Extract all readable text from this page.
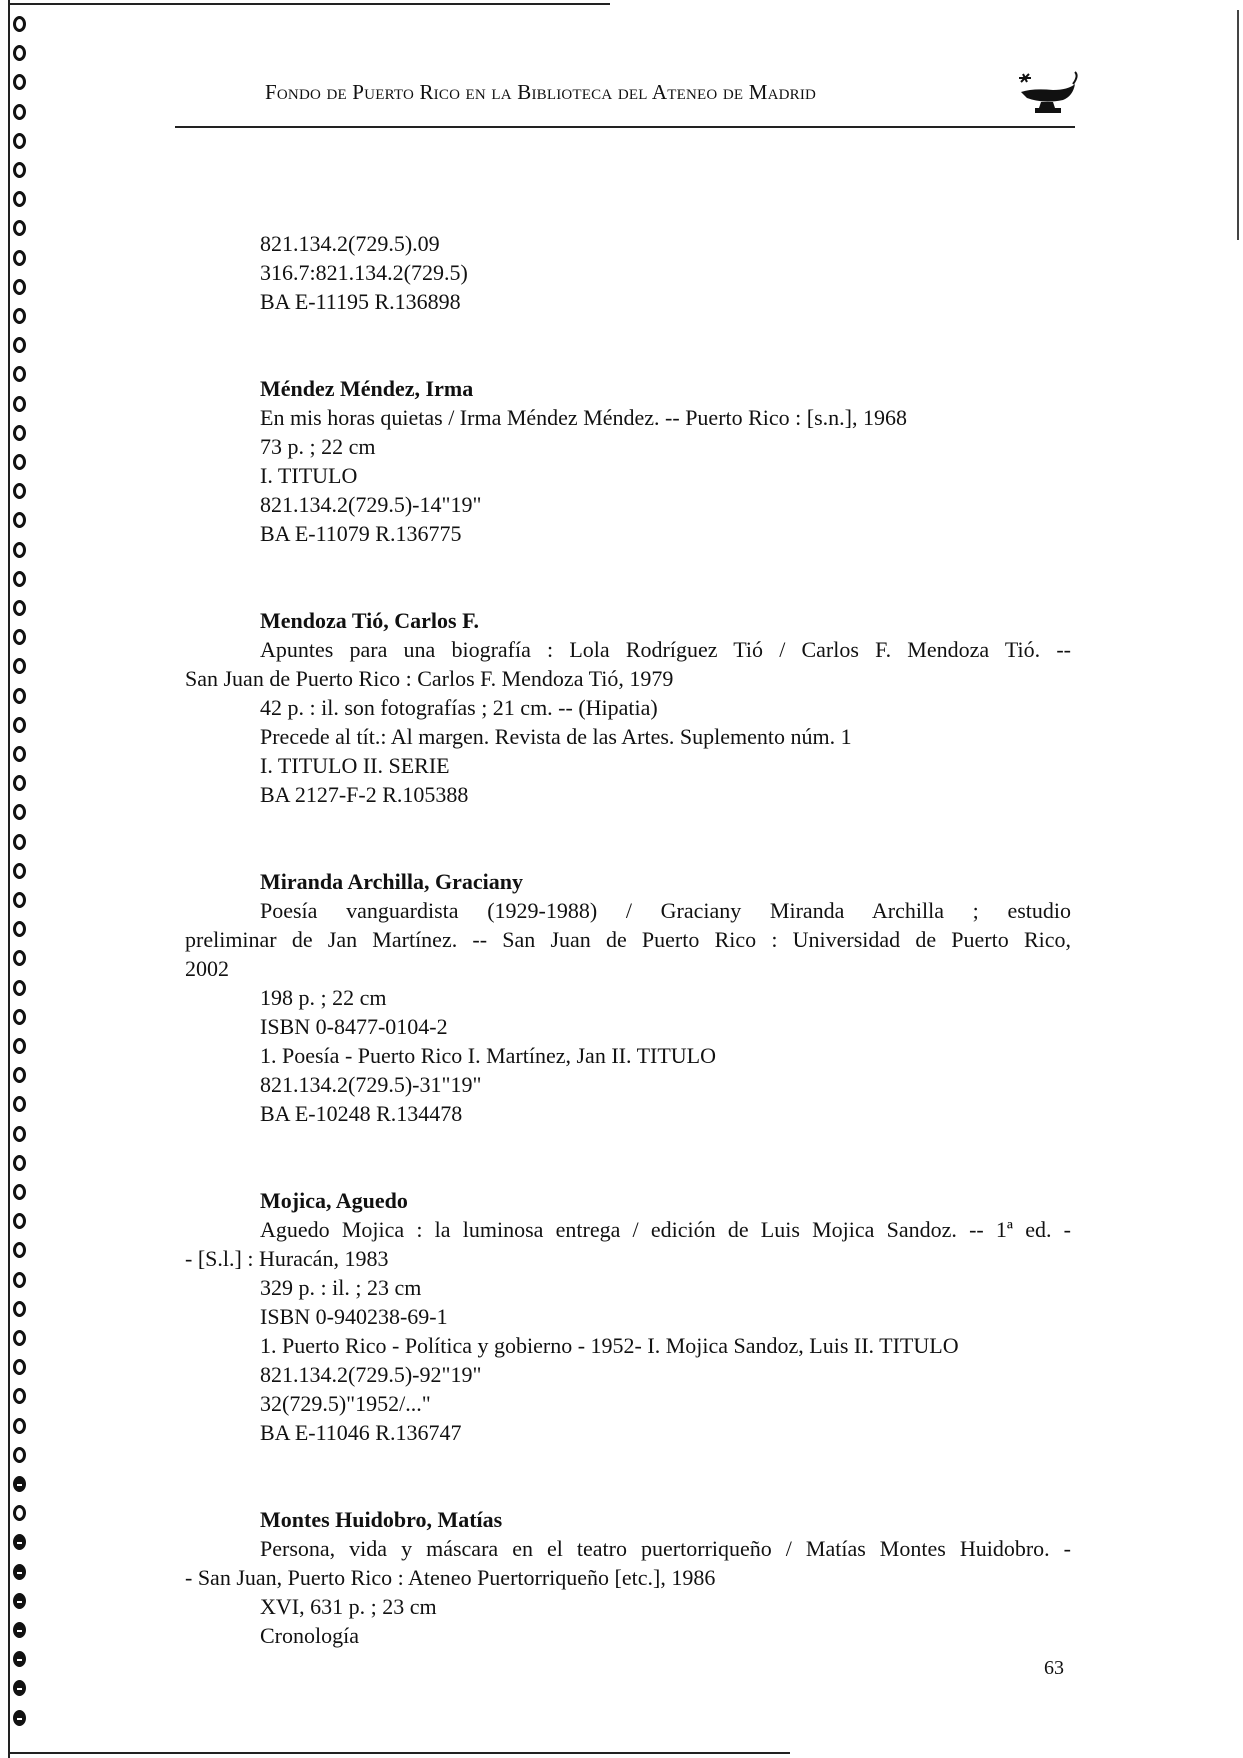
Fondo de Puerto Rico en la Biblioteca del Ateneo de Madrid
821.134.2(729.5).09
316.7:821.134.2(729.5)
BA E-11195 R.136898
Méndez Méndez, Irma
En mis horas quietas / Irma Méndez Méndez. -- Puerto Rico : [s.n.], 1968
73 p. ; 22 cm
I. TITULO
821.134.2(729.5)-14"19"
BA E-11079 R.136775
Mendoza Tió, Carlos F.
Apuntes para una biografía : Lola Rodríguez Tió / Carlos F. Mendoza Tió. --
San Juan de Puerto Rico : Carlos F. Mendoza Tió, 1979
42 p. : il. son fotografías ; 21 cm. -- (Hipatia)
Precede al tít.: Al margen. Revista de las Artes. Suplemento núm. 1
I. TITULO II. SERIE
BA 2127-F-2 R.105388
Miranda Archilla, Graciany
Poesía vanguardista (1929-1988) / Graciany Miranda Archilla ; estudio
preliminar de Jan Martínez. -- San Juan de Puerto Rico : Universidad de Puerto Rico,
2002
198 p. ; 22 cm
ISBN 0-8477-0104-2
1. Poesía - Puerto Rico I. Martínez, Jan II. TITULO
821.134.2(729.5)-31"19"
BA E-10248 R.134478
Mojica, Aguedo
Aguedo Mojica : la luminosa entrega / edición de Luis Mojica Sandoz. -- 1ª ed. -
- [S.l.] : Huracán, 1983
329 p. : il. ; 23 cm
ISBN 0-940238-69-1
1. Puerto Rico - Política y gobierno - 1952- I. Mojica Sandoz, Luis II. TITULO
821.134.2(729.5)-92"19"
32(729.5)"1952/..."
BA E-11046 R.136747
Montes Huidobro, Matías
Persona, vida y máscara en el teatro puertorriqueño / Matías Montes Huidobro. -
- San Juan, Puerto Rico : Ateneo Puertorriqueño [etc.], 1986
XVI, 631 p. ; 23 cm
Cronología
63
